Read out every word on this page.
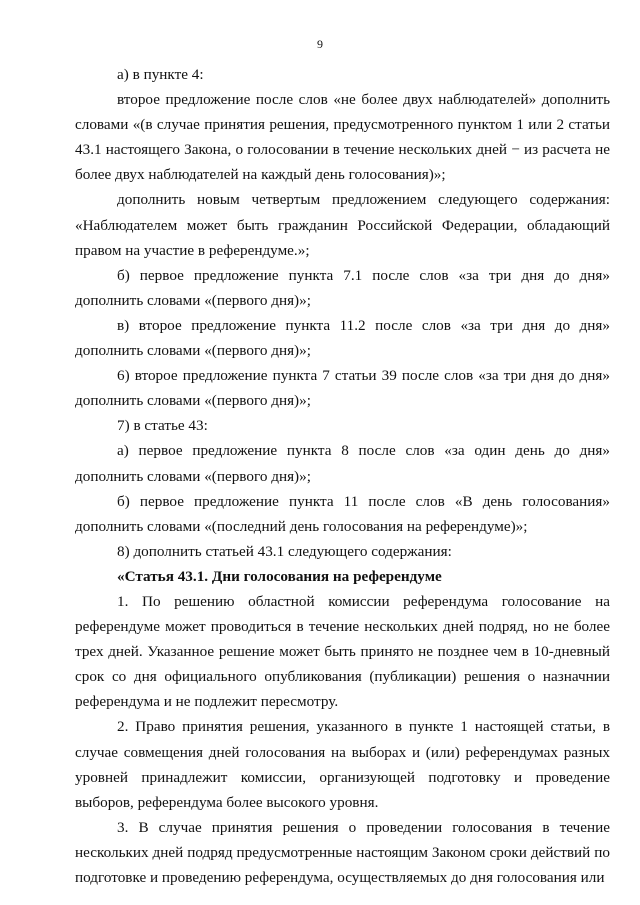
9

а) в пункте 4:

второе предложение после слов «не более двух наблюдателей» дополнить словами «(в случае принятия решения, предусмотренного пунктом 1 или 2 статьи 43.1 настоящего Закона, о голосовании в течение нескольких дней − из расчета не более двух наблюдателей на каждый день голосования)»;

дополнить новым четвертым предложением следующего содержания: «Наблюдателем может быть гражданин Российской Федерации, обладающий правом на участие в референдуме.»;

б) первое предложение пункта 7.1 после слов «за три дня до дня» дополнить словами «(первого дня)»;

в) второе предложение пункта 11.2 после слов «за три дня до дня» дополнить словами «(первого дня)»;

6) второе предложение пункта 7 статьи 39 после слов «за три дня до дня» дополнить словами «(первого дня)»;

7) в статье 43:

а) первое предложение пункта 8 после слов «за один день до дня» дополнить словами «(первого дня)»;

б) первое предложение пункта 11 после слов «В день голосования» дополнить словами «(последний день голосования на референдуме)»;

8) дополнить статьей 43.1 следующего содержания:

«Статья 43.1. Дни голосования на референдуме

1. По решению областной комиссии референдума голосование на референдуме может проводиться в течение нескольких дней подряд, но не более трех дней. Указанное решение может быть принято не позднее чем в 10-дневный срок со дня официального опубликования (публикации) решения о назначнии референдума и не подлежит пересмотру.

2. Право принятия решения, указанного в пункте 1 настоящей статьи, в случае совмещения дней голосования на выборах и (или) референдумах разных уровней принадлежит комиссии, организующей подготовку и проведение выборов, референдума более высокого уровня.

3. В случае принятия решения о проведении голосования в течение нескольких дней подряд предусмотренные настоящим Законом сроки действий по подготовке и проведению референдума, осуществляемых до дня голосования или
